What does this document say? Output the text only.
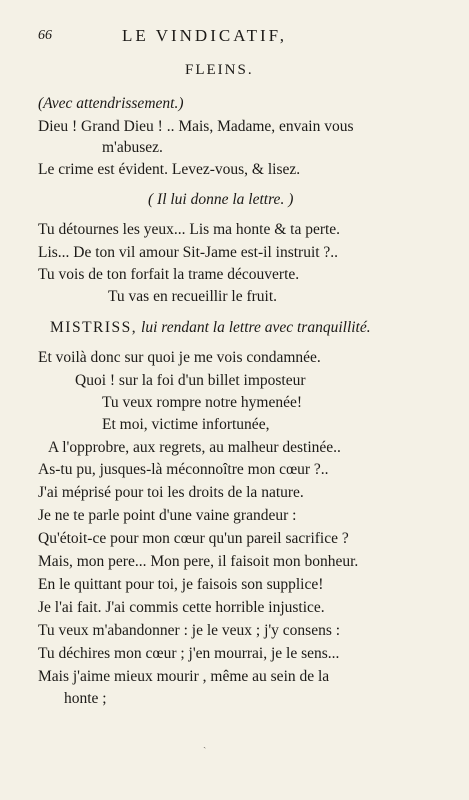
66	LE VINDICATIF,
FLEINS.
(Avec attendrissement.)
Dieu ! Grand Dieu ! .. Mais, Madame, envain vous
m'abusez.
Le crime est évident. Levez-vous, & lisez.
( Il lui donne la lettre. )
Tu détournes les yeux... Lis ma honte & ta perte.
Lis... De ton vil amour Sit-Jame est-il instruit ?..
Tu vois de ton forfait la trame découverte.
Tu vas en recueillir le fruit.
MISTRISS, lui rendant la lettre avec tranquillité.
Et voilà donc sur quoi je me vois condamnée.
Quoi ! sur la foi d'un billet imposteur
Tu veux rompre notre hymenée!
Et moi, victime infortunée,
A l'opprobre, aux regrets, au malheur destinée..
As-tu pu, jusques-là méconnoître mon cœur ?..
J'ai méprisé pour toi les droits de la nature.
Je ne te parle point d'une vaine grandeur :
Qu'étoit-ce pour mon cœur qu'un pareil sacrifice ?
Mais, mon pere... Mon pere, il faisoit mon bonheur.
En le quittant pour toi, je faisois son supplice!
Je l'ai fait. J'ai commis cette horrible injustice.
Tu veux m'abandonner : je le veux ; j'y consens :
Tu déchires mon cœur ; j'en mourrai, je le sens...
Mais j'aime mieux mourir , même au sein de la
honte ;
ˎ
